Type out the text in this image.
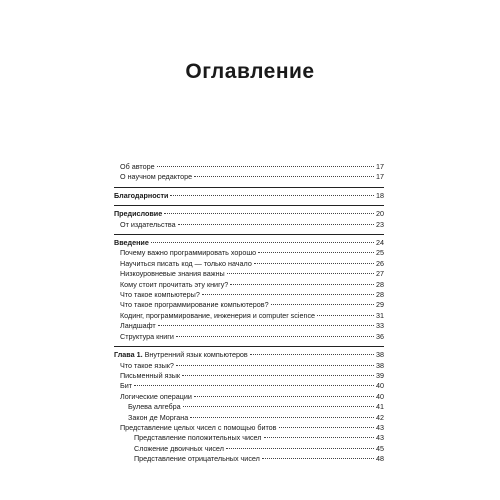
Оглавление
Об авторе	17
О научном редакторе	17
Благодарности	18
Предисловие	20
От издательства	23
Введение	24
Почему важно программировать хорошо	25
Научиться писать код — только начало	26
Низкоуровневые знания важны	27
Кому стоит прочитать эту книгу?	28
Что такое компьютеры?	28
Что такое программирование компьютеров?	29
Кодинг, программирование, инженерия и computer science	31
Ландшафт	33
Структура книги	36
Глава 1. Внутренний язык компьютеров	38
Что такое язык?	38
Письменный язык	39
Бит	40
Логические операции	40
Булева алгебра	41
Закон де Моргана	42
Представление целых чисел с помощью битов	43
Представление положительных чисел	43
Сложение двоичных чисел	45
Представление отрицательных чисел	48
